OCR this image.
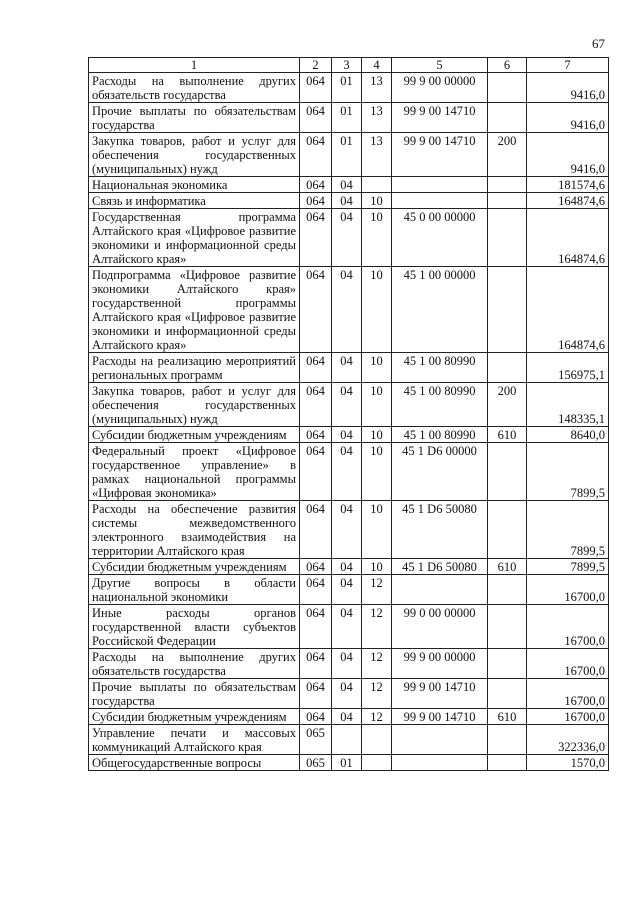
67
1	2	3	4	5	6	7
Расходы на выполнение других обязательств государства	064	01	13	99 9 00 00000		9416,0
Прочие выплаты по обязательствам государства	064	01	13	99 9 00 14710		9416,0
Закупка товаров, работ и услуг для обеспечения государственных (муниципальных) нужд	064	01	13	99 9 00 14710	200	9416,0
Национальная экономика	064	04				181574,6
Связь и информатика	064	04	10			164874,6
Государственная программа Алтайского края «Цифровое развитие экономики и информационной среды Алтайского края»	064	04	10	45 0 00 00000		164874,6
Подпрограмма «Цифровое развитие экономики Алтайского края» государственной программы Алтайского края «Цифровое развитие экономики и информационной среды Алтайского края»	064	04	10	45 1 00 00000		164874,6
Расходы на реализацию мероприятий региональных программ	064	04	10	45 1 00 80990		156975,1
Закупка товаров, работ и услуг для обеспечения государственных (муниципальных) нужд	064	04	10	45 1 00 80990	200	148335,1
Субсидии бюджетным учреждениям	064	04	10	45 1 00 80990	610	8640,0
Федеральный проект «Цифровое государственное управление» в рамках национальной программы «Цифровая экономика»	064	04	10	45 1 D6 00000		7899,5
Расходы на обеспечение развития системы межведомственного электронного взаимодействия на территории Алтайского края	064	04	10	45 1 D6 50080		7899,5
Субсидии бюджетным учреждениям	064	04	10	45 1 D6 50080	610	7899,5
Другие вопросы в области национальной экономики	064	04	12			16700,0
Иные расходы органов государственной власти субъектов Российской Федерации	064	04	12	99 0 00 00000		16700,0
Расходы на выполнение других обязательств государства	064	04	12	99 9 00 00000		16700,0
Прочие выплаты по обязательствам государства	064	04	12	99 9 00 14710		16700,0
Субсидии бюджетным учреждениям	064	04	12	99 9 00 14710	610	16700,0
Управление печати и массовых коммуникаций Алтайского края	065					322336,0
Общегосударственные вопросы	065	01				1570,0
